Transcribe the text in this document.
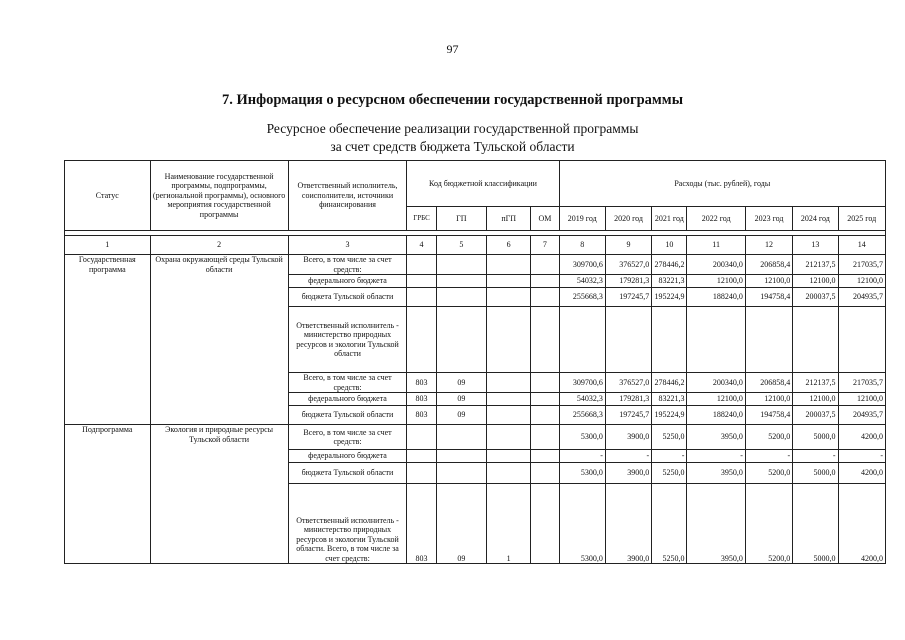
97
7. Информация о ресурсном обеспечении государственной программы
Ресурсное обеспечение реализации государственной программы
за счет средств бюджета Тульской области
Статус	Наименование государственной программы, подпрограммы, (региональной программы), основного мероприятия государственной программы	Ответственный исполнитель, соисполнители, источники финансирования	Код бюджетной классификации				Расходы (тыс. рублей), годы						
			ГРБС	ГП	пГП	ОМ	2019 год	2020 год	2021 год	2022 год	2023 год	2024 год	2025 год

1	2	3	4	5	6	7	8	9	10	11	12	13	14
Государственная программа	Охрана окружающей среды Тульской области	Всего, в том числе за счет средств:					309700,6	376527,0	278446,2	200340,0	206858,4	212137,5	217035,7
		федерального бюджета					54032,3	179281,3	83221,3	12100,0	12100,0	12100,0	12100,0
		бюджета Тульской области					255668,3	197245,7	195224,9	188240,0	194758,4	200037,5	204935,7
		Ответственный исполнитель - министерство природных ресурсов и экологии Тульской области											
		Всего, в том числе за счет средств:	803	09			309700,6	376527,0	278446,2	200340,0	206858,4	212137,5	217035,7
		федерального бюджета	803	09			54032,3	179281,3	83221,3	12100,0	12100,0	12100,0	12100,0
		бюджета Тульской области	803	09			255668,3	197245,7	195224,9	188240,0	194758,4	200037,5	204935,7
Подпрограмма	Экология и природные ресурсы Тульской области	Всего, в том числе за счет средств:					5300,0	3900,0	5250,0	3950,0	5200,0	5000,0	4200,0
		федерального бюджета					-	-	-	-	-	-	-
		бюджета Тульской области					5300,0	3900,0	5250,0	3950,0	5200,0	5000,0	4200,0
		Ответственный исполнитель - министерство природных ресурсов и экологии Тульской области. Всего, в том числе за счет средств:	803	09	1		5300,0	3900,0	5250,0	3950,0	5200,0	5000,0	4200,0
